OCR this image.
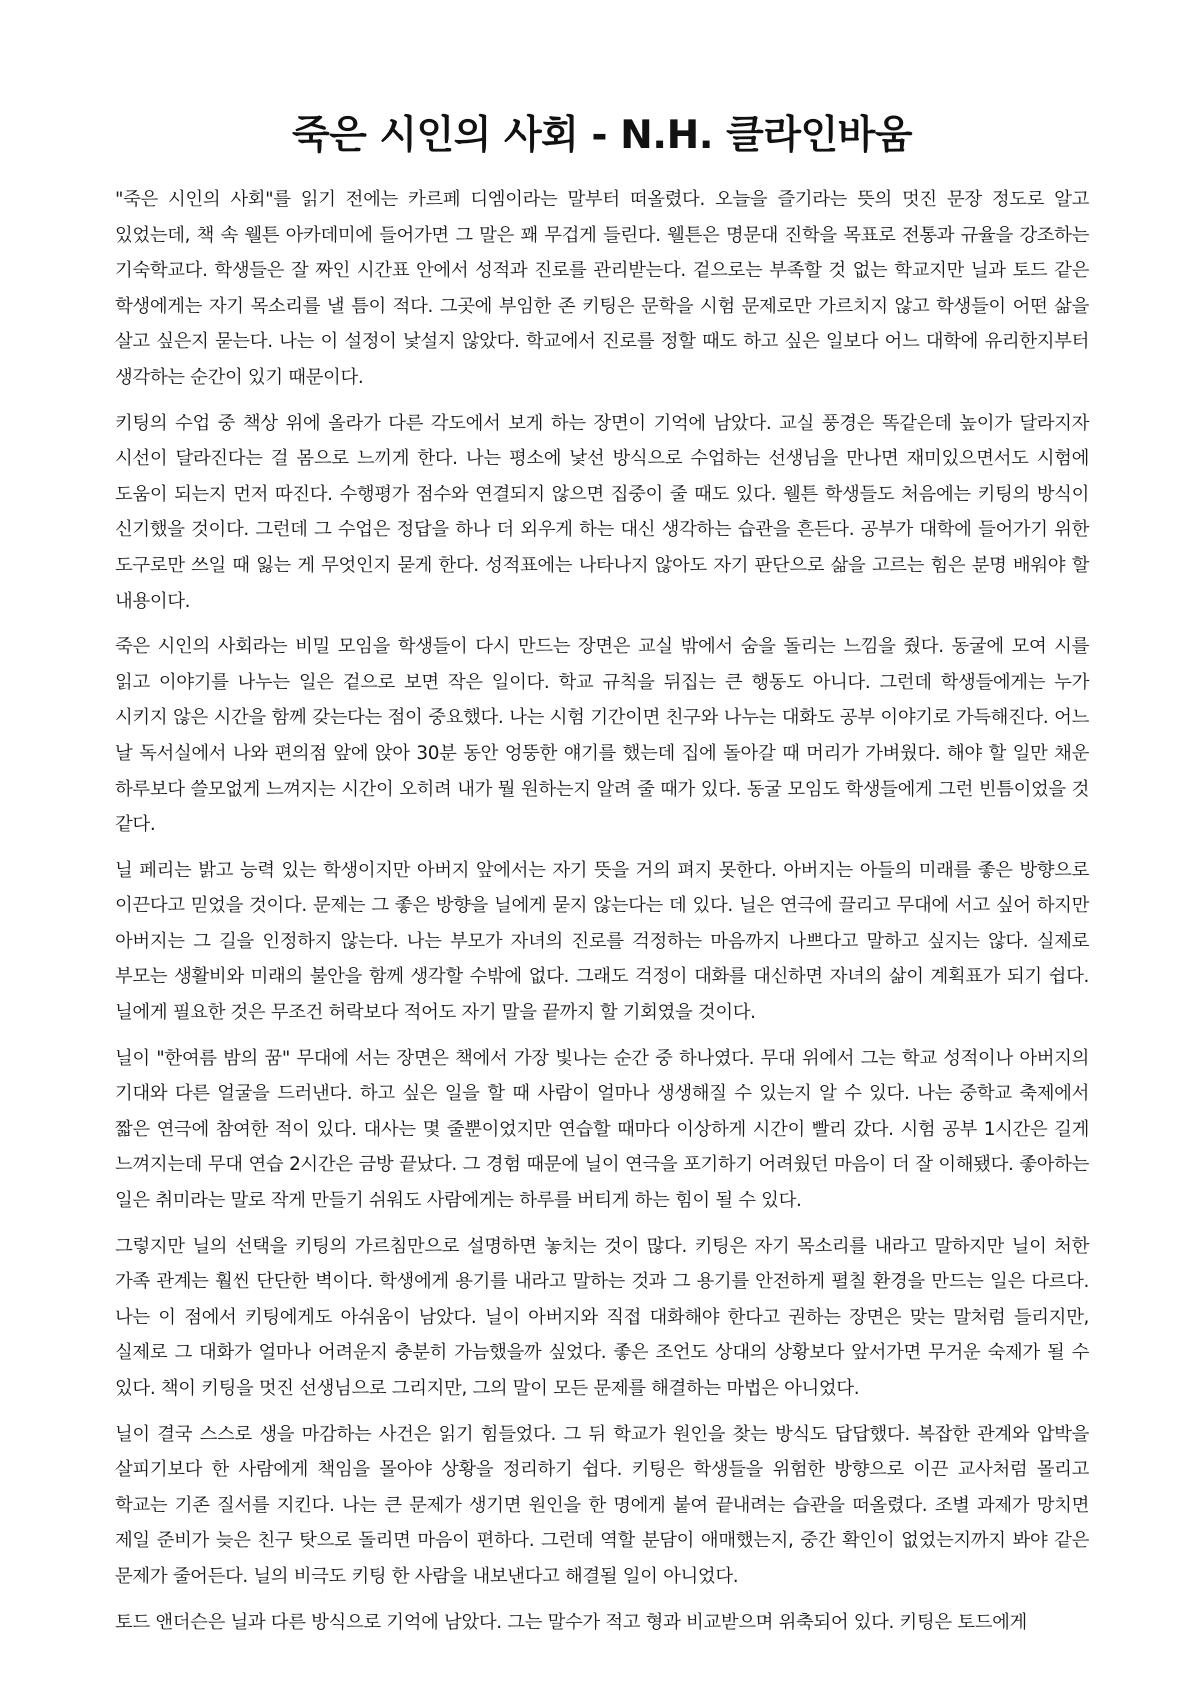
죽은 시인의 사회 - N.H. 클라인바움

"죽은 시인의 사회"를 읽기 전에는 카르페 디엠이라는 말부터 떠올렸다. 오늘을 즐기라는 뜻의 멋진 문장 정도로 알고 있었는데, 책 속 웰튼 아카데미에 들어가면 그 말은 꽤 무겁게 들린다. 웰튼은 명문대 진학을 목표로 전통과 규율을 강조하는 기숙학교다. 학생들은 잘 짜인 시간표 안에서 성적과 진로를 관리받는다. 겉으로는 부족할 것 없는 학교지만 닐과 토드 같은 학생에게는 자기 목소리를 낼 틈이 적다. 그곳에 부임한 존 키팅은 문학을 시험 문제로만 가르치지 않고 학생들이 어떤 삶을 살고 싶은지 묻는다. 나는 이 설정이 낯설지 않았다. 학교에서 진로를 정할 때도 하고 싶은 일보다 어느 대학에 유리한지부터 생각하는 순간이 있기 때문이다.

키팅의 수업 중 책상 위에 올라가 다른 각도에서 보게 하는 장면이 기억에 남았다. 교실 풍경은 똑같은데 높이가 달라지자 시선이 달라진다는 걸 몸으로 느끼게 한다. 나는 평소에 낯선 방식으로 수업하는 선생님을 만나면 재미있으면서도 시험에 도움이 되는지 먼저 따진다. 수행평가 점수와 연결되지 않으면 집중이 줄 때도 있다. 웰튼 학생들도 처음에는 키팅의 방식이 신기했을 것이다. 그런데 그 수업은 정답을 하나 더 외우게 하는 대신 생각하는 습관을 흔든다. 공부가 대학에 들어가기 위한 도구로만 쓰일 때 잃는 게 무엇인지 묻게 한다. 성적표에는 나타나지 않아도 자기 판단으로 삶을 고르는 힘은 분명 배워야 할 내용이다.

죽은 시인의 사회라는 비밀 모임을 학생들이 다시 만드는 장면은 교실 밖에서 숨을 돌리는 느낌을 줬다. 동굴에 모여 시를 읽고 이야기를 나누는 일은 겉으로 보면 작은 일이다. 학교 규칙을 뒤집는 큰 행동도 아니다. 그런데 학생들에게는 누가 시키지 않은 시간을 함께 갖는다는 점이 중요했다. 나는 시험 기간이면 친구와 나누는 대화도 공부 이야기로 가득해진다. 어느 날 독서실에서 나와 편의점 앞에 앉아 30분 동안 엉뚱한 얘기를 했는데 집에 돌아갈 때 머리가 가벼웠다. 해야 할 일만 채운 하루보다 쓸모없게 느껴지는 시간이 오히려 내가 뭘 원하는지 알려 줄 때가 있다. 동굴 모임도 학생들에게 그런 빈틈이었을 것 같다.

닐 페리는 밝고 능력 있는 학생이지만 아버지 앞에서는 자기 뜻을 거의 펴지 못한다. 아버지는 아들의 미래를 좋은 방향으로 이끈다고 믿었을 것이다. 문제는 그 좋은 방향을 닐에게 묻지 않는다는 데 있다. 닐은 연극에 끌리고 무대에 서고 싶어 하지만 아버지는 그 길을 인정하지 않는다. 나는 부모가 자녀의 진로를 걱정하는 마음까지 나쁘다고 말하고 싶지는 않다. 실제로 부모는 생활비와 미래의 불안을 함께 생각할 수밖에 없다. 그래도 걱정이 대화를 대신하면 자녀의 삶이 계획표가 되기 쉽다. 닐에게 필요한 것은 무조건 허락보다 적어도 자기 말을 끝까지 할 기회였을 것이다.

닐이 "한여름 밤의 꿈" 무대에 서는 장면은 책에서 가장 빛나는 순간 중 하나였다. 무대 위에서 그는 학교 성적이나 아버지의 기대와 다른 얼굴을 드러낸다. 하고 싶은 일을 할 때 사람이 얼마나 생생해질 수 있는지 알 수 있다. 나는 중학교 축제에서 짧은 연극에 참여한 적이 있다. 대사는 몇 줄뿐이었지만 연습할 때마다 이상하게 시간이 빨리 갔다. 시험 공부 1시간은 길게 느껴지는데 무대 연습 2시간은 금방 끝났다. 그 경험 때문에 닐이 연극을 포기하기 어려웠던 마음이 더 잘 이해됐다. 좋아하는 일은 취미라는 말로 작게 만들기 쉬워도 사람에게는 하루를 버티게 하는 힘이 될 수 있다.

그렇지만 닐의 선택을 키팅의 가르침만으로 설명하면 놓치는 것이 많다. 키팅은 자기 목소리를 내라고 말하지만 닐이 처한 가족 관계는 훨씬 단단한 벽이다. 학생에게 용기를 내라고 말하는 것과 그 용기를 안전하게 펼칠 환경을 만드는 일은 다르다. 나는 이 점에서 키팅에게도 아쉬움이 남았다. 닐이 아버지와 직접 대화해야 한다고 권하는 장면은 맞는 말처럼 들리지만, 실제로 그 대화가 얼마나 어려운지 충분히 가늠했을까 싶었다. 좋은 조언도 상대의 상황보다 앞서가면 무거운 숙제가 될 수 있다. 책이 키팅을 멋진 선생님으로 그리지만, 그의 말이 모든 문제를 해결하는 마법은 아니었다.

닐이 결국 스스로 생을 마감하는 사건은 읽기 힘들었다. 그 뒤 학교가 원인을 찾는 방식도 답답했다. 복잡한 관계와 압박을 살피기보다 한 사람에게 책임을 몰아야 상황을 정리하기 쉽다. 키팅은 학생들을 위험한 방향으로 이끈 교사처럼 몰리고 학교는 기존 질서를 지킨다. 나는 큰 문제가 생기면 원인을 한 명에게 붙여 끝내려는 습관을 떠올렸다. 조별 과제가 망치면 제일 준비가 늦은 친구 탓으로 돌리면 마음이 편하다. 그런데 역할 분담이 애매했는지, 중간 확인이 없었는지까지 봐야 같은 문제가 줄어든다. 닐의 비극도 키팅 한 사람을 내보낸다고 해결될 일이 아니었다.

토드 앤더슨은 닐과 다른 방식으로 기억에 남았다. 그는 말수가 적고 형과 비교받으며 위축되어 있다. 키팅은 토드에게
